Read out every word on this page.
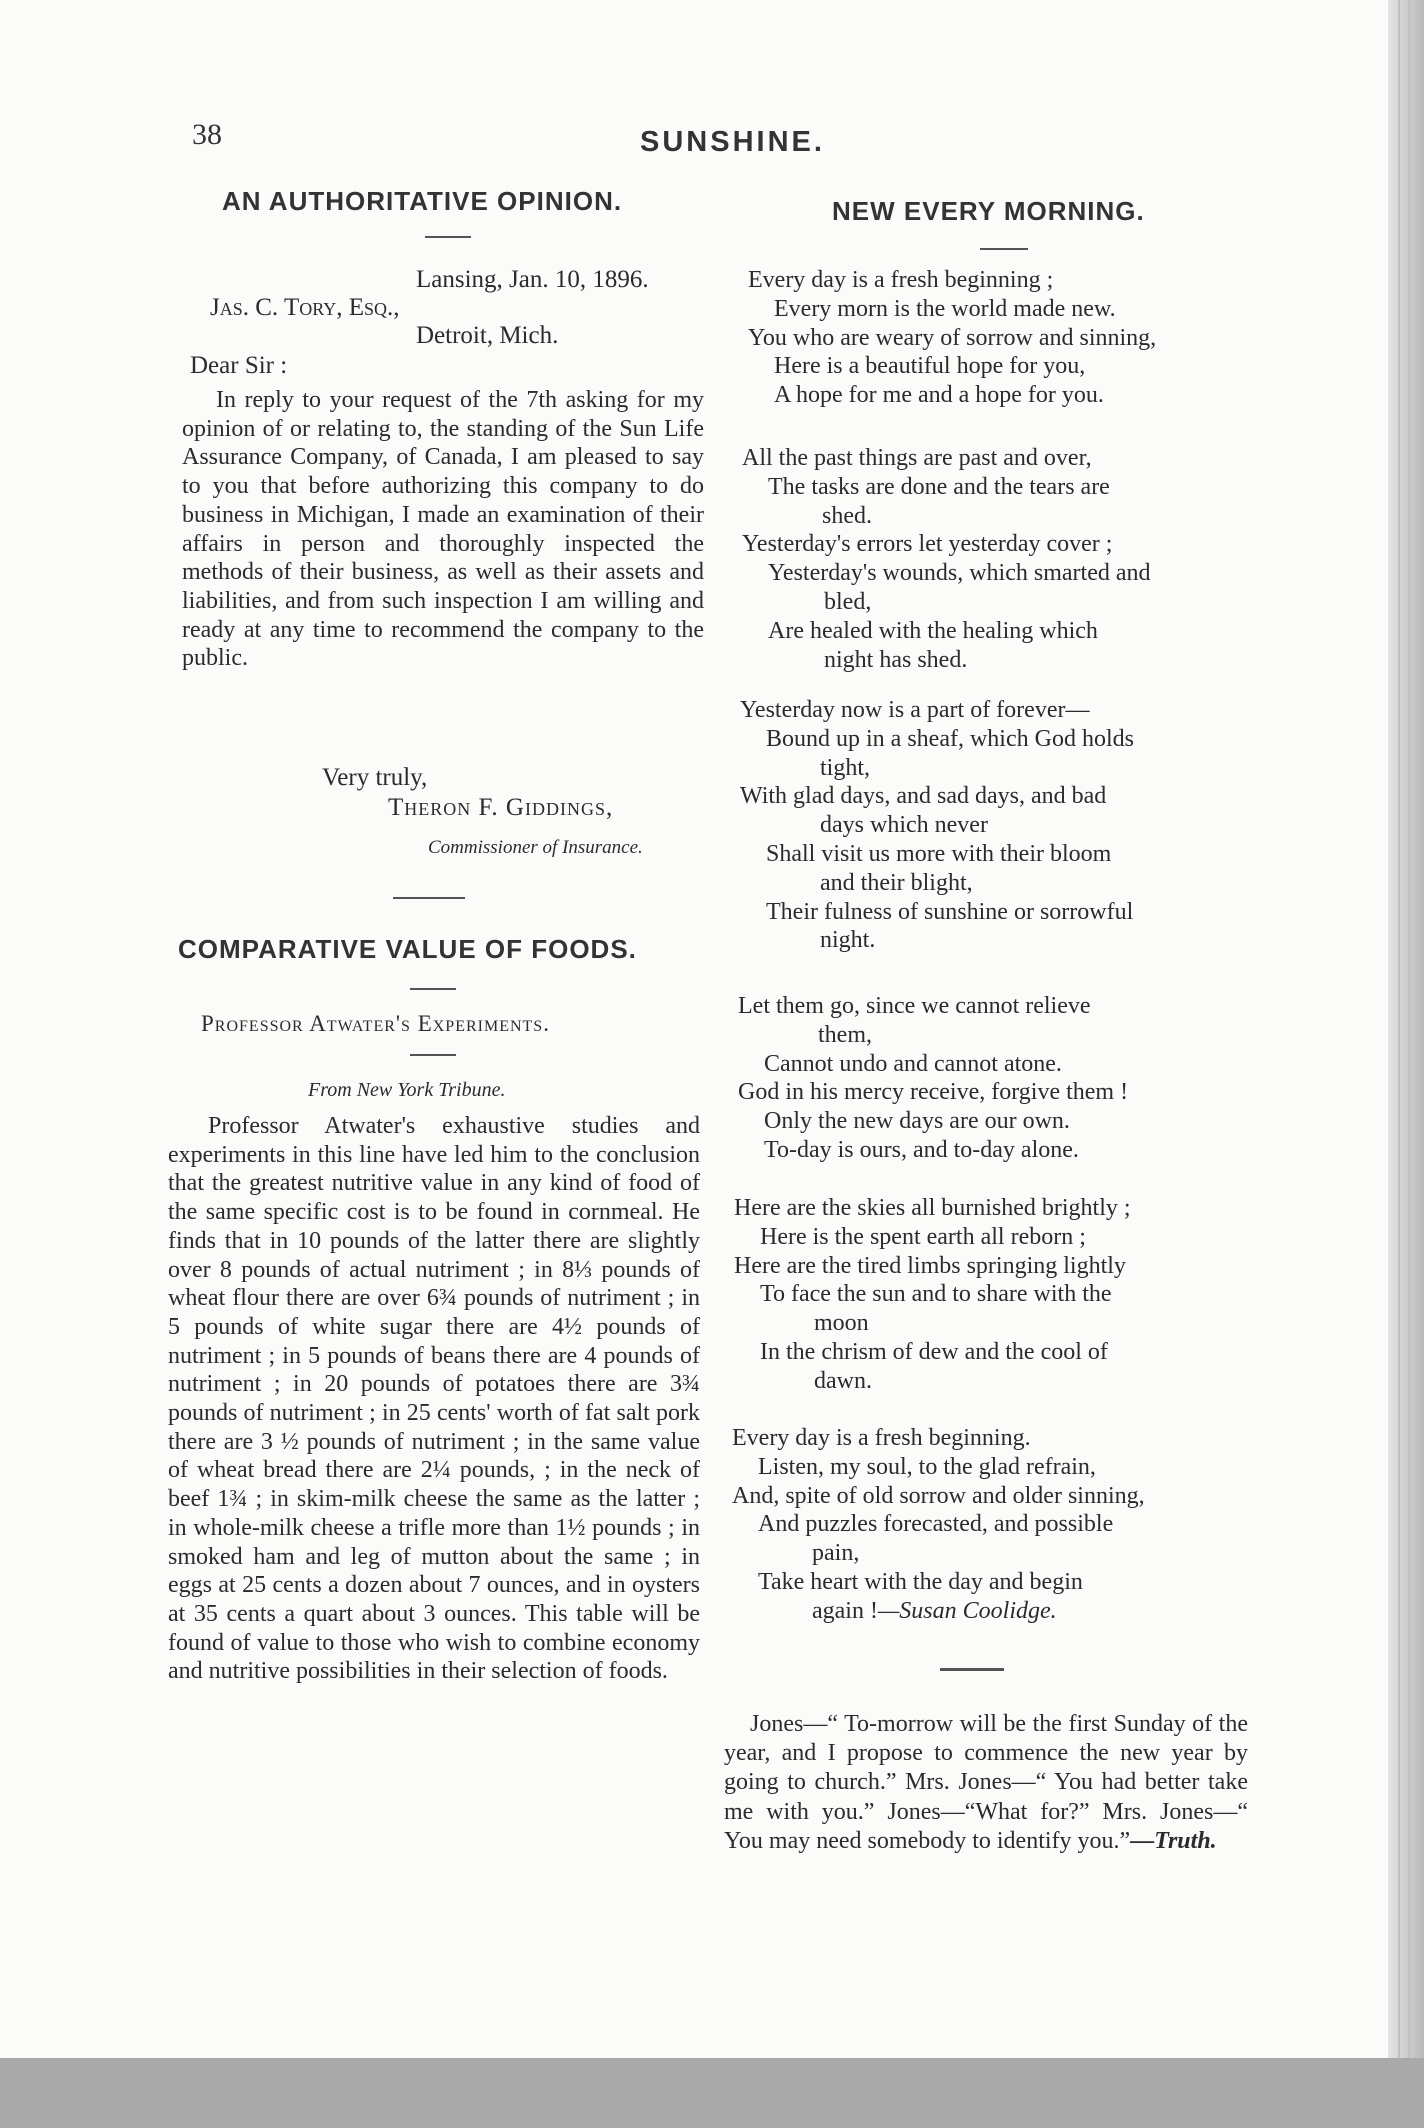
38	SUNSHINE.
AN AUTHORITATIVE OPINION.
Lansing, Jan. 10, 1896.
Jas. C. Tory, Esq.,
Detroit, Mich.
Dear Sir :
In reply to your request of the 7th asking for my opinion of or relating to, the standing of the Sun Life Assurance Company, of Canada, I am pleased to say to you that before authorizing this company to do business in Michigan, I made an examination of their affairs in person and thoroughly inspected the methods of their business, as well as their assets and liabilities, and from such inspection I am willing and ready at any time to recommend the company to the public.
Very truly,
Theron F. Giddings,
Commissioner of Insurance.
COMPARATIVE VALUE OF FOODS.
Professor Atwater's Experiments.
From New York Tribune.
Professor Atwater's exhaustive studies and experiments in this line have led him to the conclusion that the greatest nutritive value in any kind of food of the same specific cost is to be found in cornmeal. He finds that in 10 pounds of the latter there are slightly over 8 pounds of actual nutriment ; in 8⅓ pounds of wheat flour there are over 6¾ pounds of nutriment ; in 5 pounds of white sugar there are 4½ pounds of nutriment ; in 5 pounds of beans there are 4 pounds of nutriment ; in 20 pounds of potatoes there are 3¾ pounds of nutriment ; in 25 cents' worth of fat salt pork there are 3 ½ pounds of nutriment ; in the same value of wheat bread there are 2¼ pounds, ; in the neck of beef 1¾ ; in skim-milk cheese the same as the latter ; in whole-milk cheese a trifle more than 1½ pounds ; in smoked ham and leg of mutton about the same ; in eggs at 25 cents a dozen about 7 ounces, and in oysters at 35 cents a quart about 3 ounces. This table will be found of value to those who wish to combine economy and nutritive possibilities in their selection of foods.
NEW EVERY MORNING.
Every day is a fresh beginning ;
Every morn is the world made new.
You who are weary of sorrow and sinning,
Here is a beautiful hope for you,
A hope for me and a hope for you.
All the past things are past and over,
The tasks are done and the tears are
shed.
Yesterday's errors let yesterday cover ;
Yesterday's wounds, which smarted and
bled,
Are healed with the healing which
night has shed.
Yesterday now is a part of forever—
Bound up in a sheaf, which God holds
tight,
With glad days, and sad days, and bad
days which never
Shall visit us more with their bloom
and their blight,
Their fulness of sunshine or sorrowful
night.
Let them go, since we cannot relieve
them,
Cannot undo and cannot atone.
God in his mercy receive, forgive them !
Only the new days are our own.
To-day is ours, and to-day alone.
Here are the skies all burnished brightly ;
Here is the spent earth all reborn ;
Here are the tired limbs springing lightly
To face the sun and to share with the
moon
In the chrism of dew and the cool of
dawn.
Every day is a fresh beginning.
Listen, my soul, to the glad refrain,
And, spite of old sorrow and older sinning,
And puzzles forecasted, and possible
pain,
Take heart with the day and begin
again !—Susan Coolidge.
Jones—“ To-morrow will be the first Sunday of the year, and I propose to commence the new year by going to church.” Mrs. Jones—“ You had better take me with you.” Jones—“What for?” Mrs. Jones—“ You may need somebody to identify you.”—Truth.
